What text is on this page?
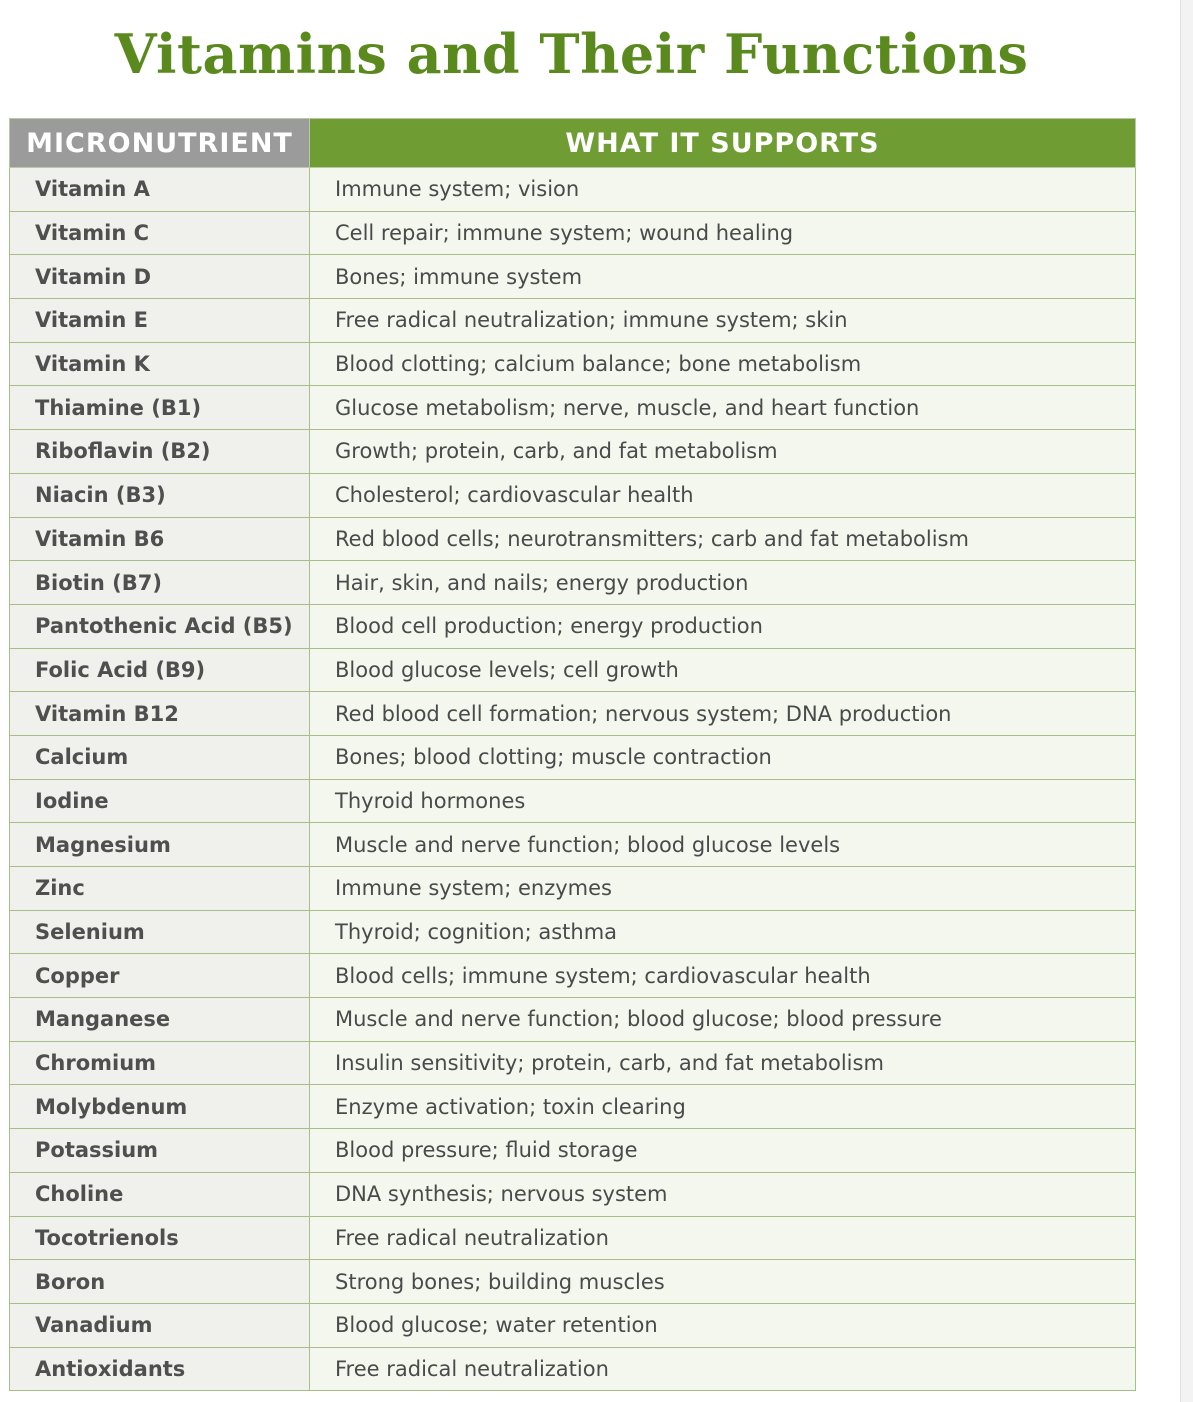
Vitamins and Their Functions
MICRONUTRIENT	WHAT IT SUPPORTS
Vitamin A	Immune system; vision
Vitamin C	Cell repair; immune system; wound healing
Vitamin D	Bones; immune system
Vitamin E	Free radical neutralization; immune system; skin
Vitamin K	Blood clotting; calcium balance; bone metabolism
Thiamine (B1)	Glucose metabolism; nerve, muscle, and heart function
Riboflavin (B2)	Growth; protein, carb, and fat metabolism
Niacin (B3)	Cholesterol; cardiovascular health
Vitamin B6	Red blood cells; neurotransmitters; carb and fat metabolism
Biotin (B7)	Hair, skin, and nails; energy production
Pantothenic Acid (B5)	Blood cell production; energy production
Folic Acid (B9)	Blood glucose levels; cell growth
Vitamin B12	Red blood cell formation; nervous system; DNA production
Calcium	Bones; blood clotting; muscle contraction
Iodine	Thyroid hormones
Magnesium	Muscle and nerve function; blood glucose levels
Zinc	Immune system; enzymes
Selenium	Thyroid; cognition; asthma
Copper	Blood cells; immune system; cardiovascular health
Manganese	Muscle and nerve function; blood glucose; blood pressure
Chromium	Insulin sensitivity; protein, carb, and fat metabolism
Molybdenum	Enzyme activation; toxin clearing
Potassium	Blood pressure; fluid storage
Choline	DNA synthesis; nervous system
Tocotrienols	Free radical neutralization
Boron	Strong bones; building muscles
Vanadium	Blood glucose; water retention
Antioxidants	Free radical neutralization
